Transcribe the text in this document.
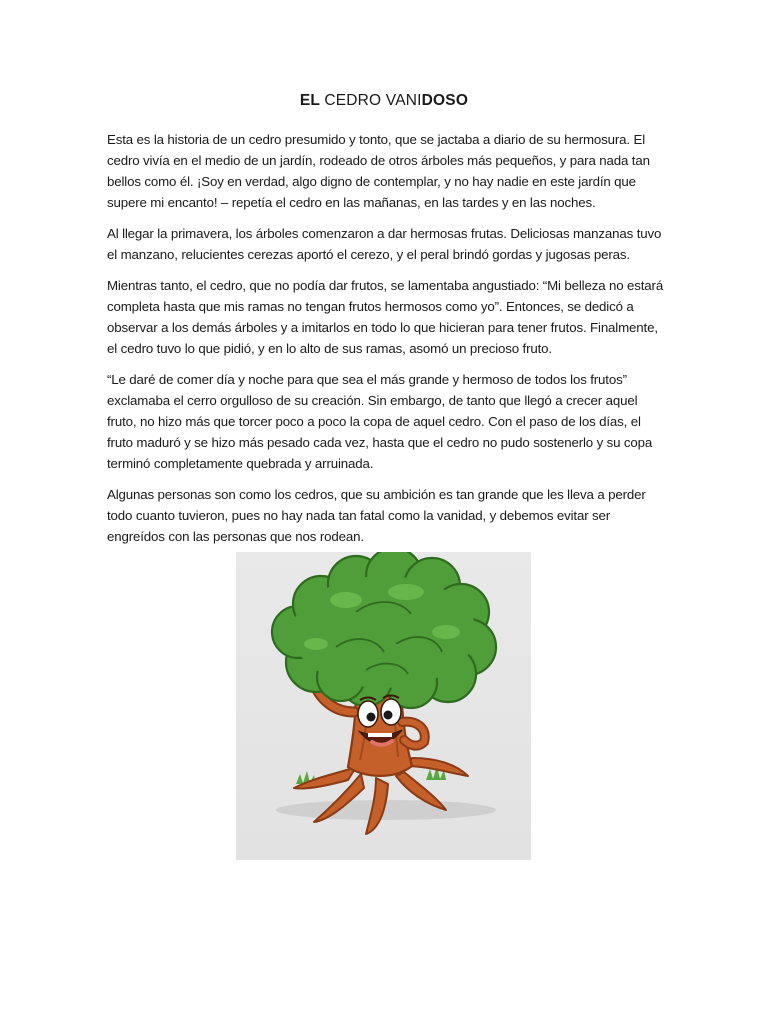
EL CEDRO VANIDOSO

Esta es la historia de un cedro presumido y tonto, que se jactaba a diario de su hermosura. El cedro vivía en el medio de un jardín, rodeado de otros árboles más pequeños, y para nada tan bellos como él. ¡Soy en verdad, algo digno de contemplar, y no hay nadie en este jardín que supere mi encanto! – repetía el cedro en las mañanas, en las tardes y en las noches.

Al llegar la primavera, los árboles comenzaron a dar hermosas frutas. Deliciosas manzanas tuvo el manzano, relucientes cerezas aportó el cerezo, y el peral brindó gordas y jugosas peras.

Mientras tanto, el cedro, que no podía dar frutos, se lamentaba angustiado: “Mi belleza no estará completa hasta que mis ramas no tengan frutos hermosos como yo”. Entonces, se dedicó a observar a los demás árboles y a imitarlos en todo lo que hicieran para tener frutos. Finalmente, el cedro tuvo lo que pidió, y en lo alto de sus ramas, asomó un precioso fruto.

“Le daré de comer día y noche para que sea el más grande y hermoso de todos los frutos” exclamaba el cerro orgulloso de su creación. Sin embargo, de tanto que llegó a crecer aquel fruto, no hizo más que torcer poco a poco la copa de aquel cedro. Con el paso de los días, el fruto maduró y se hizo más pesado cada vez, hasta que el cedro no pudo sostenerlo y su copa terminó completamente quebrada y arruinada.

Algunas personas son como los cedros, que su ambición es tan grande que les lleva a perder todo cuanto tuvieron, pues no hay nada tan fatal como la vanidad, y debemos evitar ser engreídos con las personas que nos rodean.
